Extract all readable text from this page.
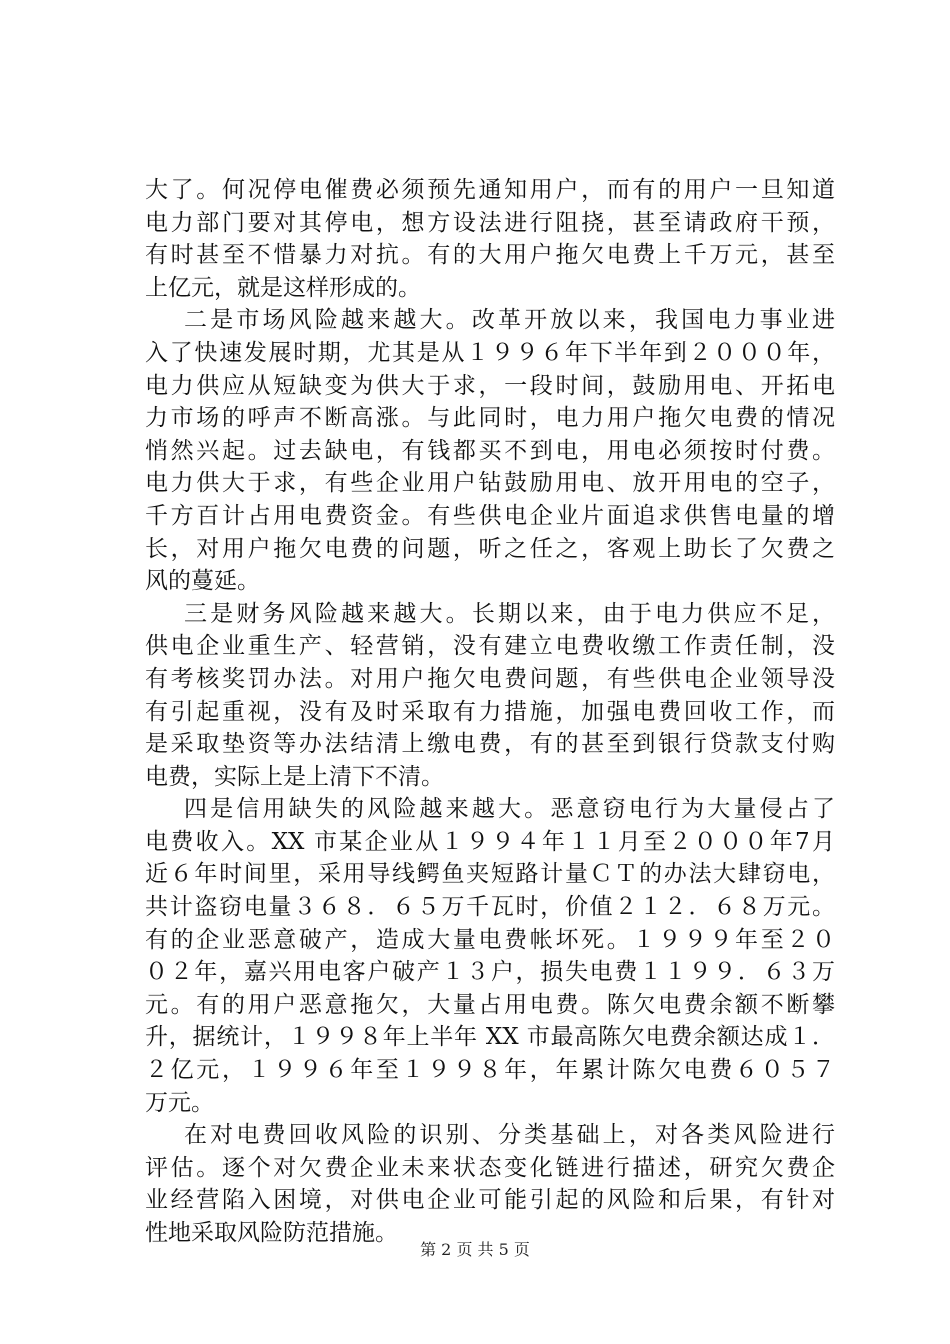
大了。何况停电催费必须预先通知用户，而有的用户一旦知道
电力部门要对其停电，想方设法进行阻挠，甚至请政府干预，
有时甚至不惜暴力对抗。有的大用户拖欠电费上千万元，甚至
上亿元，就是这样形成的。
二是市场风险越来越大。改革开放以来，我国电力事业进
入了快速发展时期，尤其是从１９９６年下半年到２０００年，
电力供应从短缺变为供大于求，一段时间，鼓励用电、开拓电
力市场的呼声不断高涨。与此同时，电力用户拖欠电费的情况
悄然兴起。过去缺电，有钱都买不到电，用电必须按时付费。
电力供大于求，有些企业用户钻鼓励用电、放开用电的空子，
千方百计占用电费资金。有些供电企业片面追求供售电量的增
长，对用户拖欠电费的问题，听之任之，客观上助长了欠费之
风的蔓延。
三是财务风险越来越大。长期以来，由于电力供应不足，
供电企业重生产、轻营销，没有建立电费收缴工作责任制，没
有考核奖罚办法。对用户拖欠电费问题，有些供电企业领导没
有引起重视，没有及时采取有力措施，加强电费回收工作，而
是采取垫资等办法结清上缴电费，有的甚至到银行贷款支付购
电费，实际上是上清下不清。
四是信用缺失的风险越来越大。恶意窃电行为大量侵占了
电费收入。XX 市某企业从１９９４年１１月至２０００年7月
近６年时间里，采用导线鳄鱼夹短路计量ＣＴ的办法大肆窃电，
共计盗窃电量３６８．６５万千瓦时，价值２１２．６８万元。
有的企业恶意破产，造成大量电费帐坏死。１９９９年至２０
０２年，嘉兴用电客户破产１３户，损失电费１１９９．６３万
元。有的用户恶意拖欠，大量占用电费。陈欠电费余额不断攀
升，据统计，１９９８年上半年 XX 市最高陈欠电费余额达成１．
２亿元，１９９６年至１９９８年，年累计陈欠电费６０５７
万元。
在对电费回收风险的识别、分类基础上，对各类风险进行
评估。逐个对欠费企业未来状态变化链进行描述，研究欠费企
业经营陷入困境，对供电企业可能引起的风险和后果，有针对
性地采取风险防范措施。
第 2 页 共 5 页
